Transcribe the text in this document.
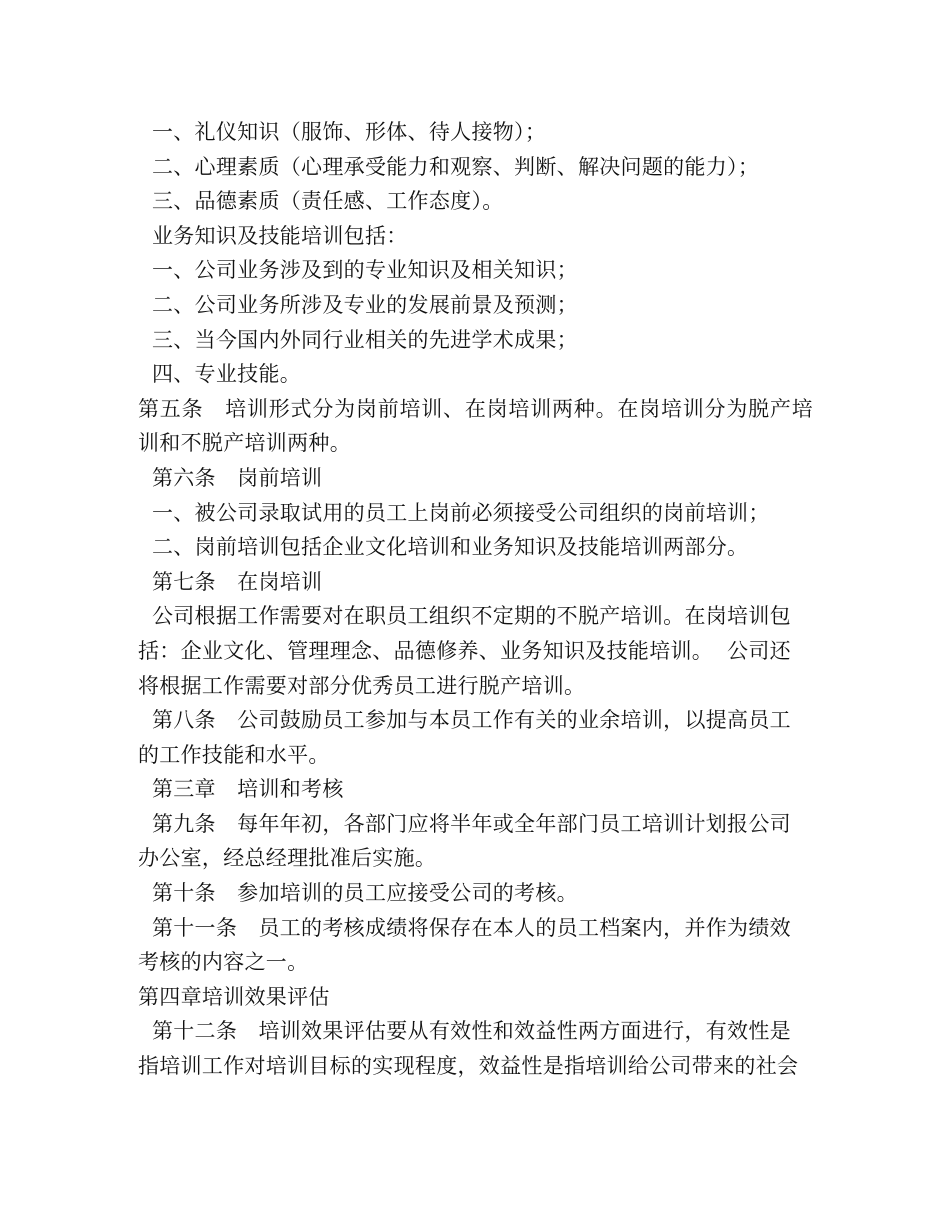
一、礼仪知识（服饰、形体、待人接物）；
二、心理素质（心理承受能力和观察、判断、解决问题的能力）；
三、品德素质（责任感、工作态度）。
业务知识及技能培训包括：
一、公司业务涉及到的专业知识及相关知识；
二、公司业务所涉及专业的发展前景及预测；
三、当今国内外同行业相关的先进学术成果；
四、专业技能。
第五条　培训形式分为岗前培训、在岗培训两种。在岗培训分为脱产培
训和不脱产培训两种。
第六条　岗前培训
一、被公司录取试用的员工上岗前必须接受公司组织的岗前培训；
二、岗前培训包括企业文化培训和业务知识及技能培训两部分。
第七条　在岗培训
公司根据工作需要对在职员工组织不定期的不脱产培训。在岗培训包
括：企业文化、管理理念、品德修养、业务知识及技能培训。  公司还
将根据工作需要对部分优秀员工进行脱产培训。
第八条　公司鼓励员工参加与本员工作有关的业余培训，以提高员工
的工作技能和水平。
第三章　培训和考核
第九条　每年年初，各部门应将半年或全年部门员工培训计划报公司
办公室，经总经理批准后实施。
第十条　参加培训的员工应接受公司的考核。
第十一条　员工的考核成绩将保存在本人的员工档案内，并作为绩效
考核的内容之一。
第四章培训效果评估
第十二条　培训效果评估要从有效性和效益性两方面进行，有效性是
指培训工作对培训目标的实现程度，效益性是指培训给公司带来的社会
